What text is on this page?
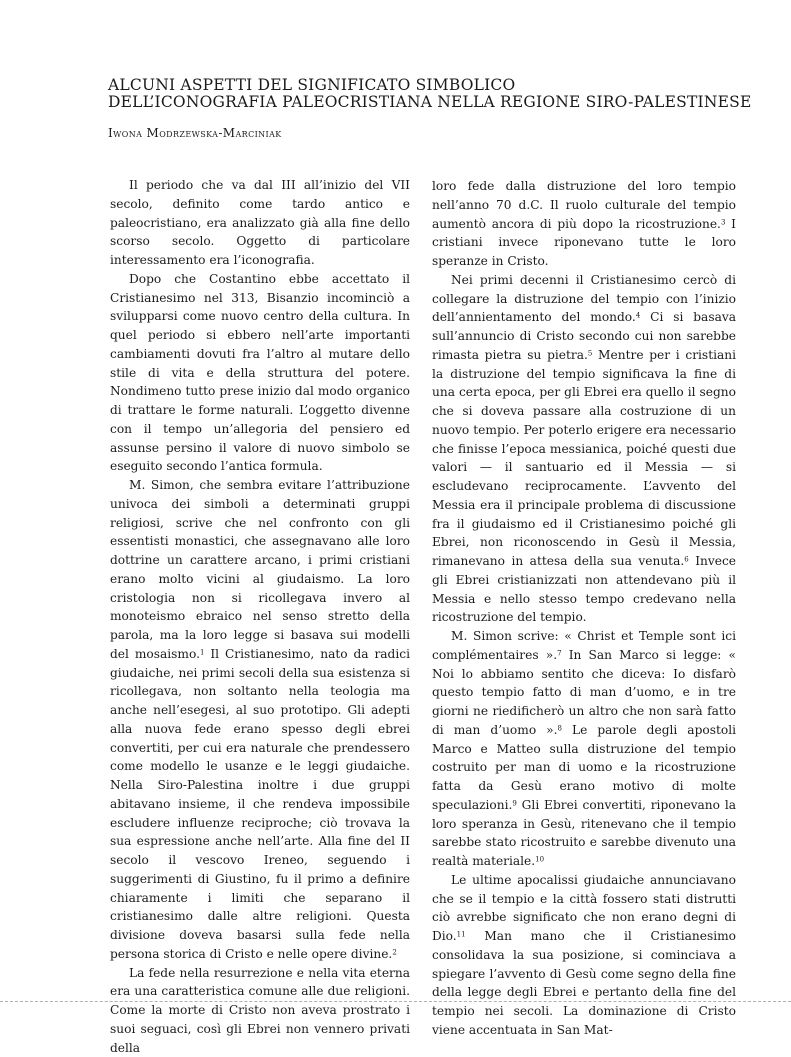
ALCUNI ASPETTI DEL SIGNIFICATO SIMBOLICO
DELL’ICONOGRAFIA PALEOCRISTIANA NELLA REGIONE SIRO-PALESTINESE
Iwona Modrzewska-Marciniak

Il periodo che va dal III all’inizio del VII secolo, definito come tardo antico e paleocristiano, era analizzato già alla fine dello scorso secolo. Oggetto di particolare interessamento era l’iconografia.

Dopo che Costantino ebbe accettato il Cristianesimo nel 313, Bisanzio incominciò a svilupparsi come nuovo centro della cultura. In quel periodo si ebbero nell’arte importanti cambiamenti dovuti fra l’altro al mutare dello stile di vita e della struttura del potere. Nondimeno tutto prese inizio dal modo organico di trattare le forme naturali. L’oggetto divenne con il tempo un’allegoria del pensiero ed assunse persino il valore di nuovo simbolo se eseguito secondo l’antica formula.

M. Simon, che sembra evitare l’attribuzione univoca dei simboli a determinati gruppi religiosi, scrive che nel confronto con gli essentisti monastici, che assegnavano alle loro dottrine un carattere arcano, i primi cristiani erano molto vicini al giudaismo. La loro cristologia non si ricollegava invero al monoteismo ebraico nel senso stretto della parola, ma la loro legge si basava sui modelli del mosaismo.$^1$ Il Cristianesimo, nato da radici giudaiche, nei primi secoli della sua esistenza si ricollegava, non soltanto nella teologia ma anche nell’esegesi, al suo prototipo. Gli adepti alla nuova fede erano spesso degli ebrei convertiti, per cui era naturale che prendessero come modello le usanze e le leggi giudaiche. Nella Siro-Palestina inoltre i due gruppi abitavano insieme, il che rendeva impossibile escludere influenze reciproche; ciò trovava la sua espressione anche nell’arte. Alla fine del II secolo il vescovo Ireneo, seguendo i suggerimenti di Giustino, fu il primo a definire chiaramente i limiti che separano il cristianesimo dalle altre religioni. Questa divisione doveva basarsi sulla fede nella persona storica di Cristo e nelle opere divine.$^2$

La fede nella resurrezione e nella vita eterna era una caratteristica comune alle due religioni. Come la morte di Cristo non aveva prostrato i suoi seguaci, così gli Ebrei non vennero privati della

loro fede dalla distruzione del loro tempio nell’anno 70 d.C. Il ruolo culturale del tempio aumentò ancora di più dopo la ricostruzione.$^3$ I cristiani invece riponevano tutte le loro speranze in Cristo.

Nei primi decenni il Cristianesimo cercò di collegare la distruzione del tempio con l’inizio dell’annientamento del mondo.$^4$ Ci si basava sull’annuncio di Cristo secondo cui non sarebbe rimasta pietra su pietra.$^5$ Mentre per i cristiani la distruzione del tempio significava la fine di una certa epoca, per gli Ebrei era quello il segno che si doveva passare alla costruzione di un nuovo tempio. Per poterlo erigere era necessario che finisse l’epoca messianica, poiché questi due valori — il santuario ed il Messia — si escludevano reciprocamente. L’avvento del Messia era il principale problema di discussione fra il giudaismo ed il Cristianesimo poiché gli Ebrei, non riconoscendo in Gesù il Messia, rimanevano in attesa della sua venuta.$^6$ Invece gli Ebrei cristianizzati non attendevano più il Messia e nello stesso tempo credevano nella ricostruzione del tempio.

M. Simon scrive: « Christ et Temple sont ici complémentaires ».$^7$ In San Marco si legge: « Noi lo abbiamo sentito che diceva: Io disfarò questo tempio fatto di man d’uomo, e in tre giorni ne riedificherò un altro che non sarà fatto di man d’uomo ».$^8$ Le parole degli apostoli Marco e Matteo sulla distruzione del tempio costruito per man di uomo e la ricostruzione fatta da Gesù erano motivo di molte speculazioni.$^9$ Gli Ebrei convertiti, riponevano la loro speranza in Gesù, ritenevano che il tempio sarebbe stato ricostruito e sarebbe divenuto una realtà materiale.$^{10}$

Le ultime apocalissi giudaiche annunciavano che se il tempio e la città fossero stati distrutti ciò avrebbe significato che non erano degni di Dio.$^{11}$ Man mano che il Cristianesimo consolidava la sua posizione, si cominciava a spiegare l’avvento di Gesù come segno della fine della legge degli Ebrei e pertanto della fine del tempio nei secoli. La dominazione di Cristo viene accentuata in San Mat-
